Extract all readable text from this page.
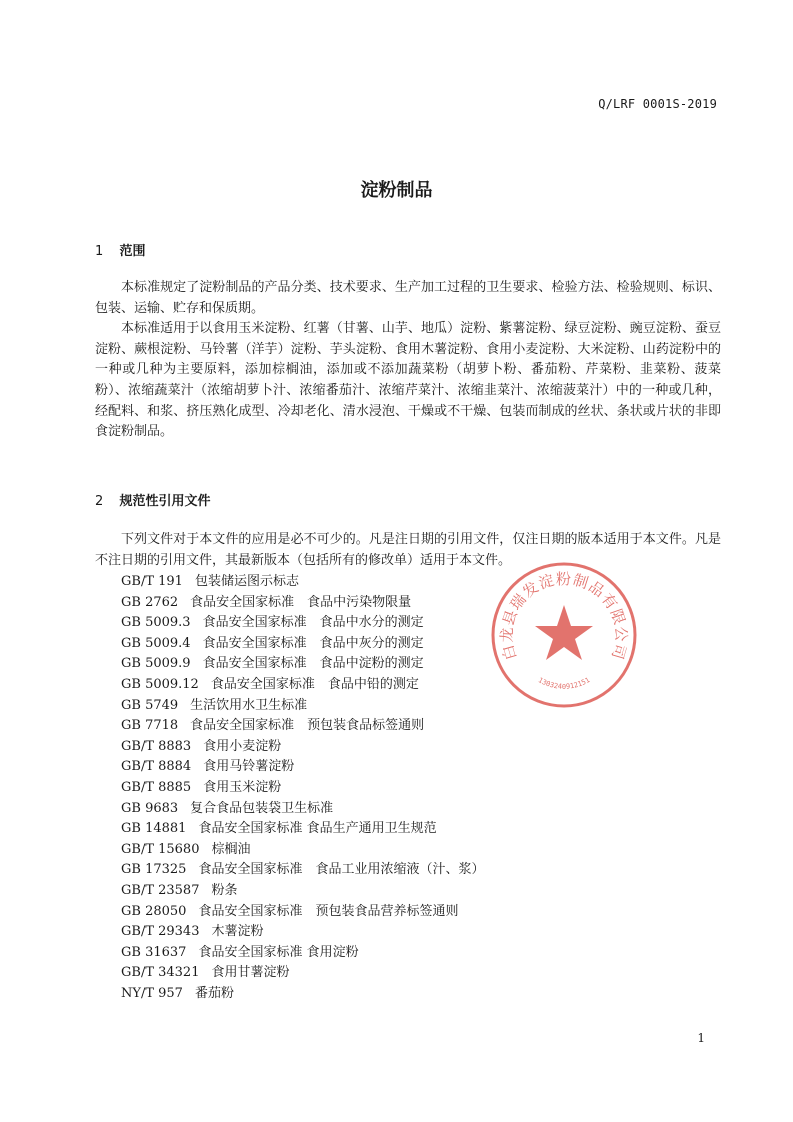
Q/LRF 0001S-2019
淀粉制品
1 范围

本标准规定了淀粉制品的产品分类、技术要求、生产加工过程的卫生要求、检验方法、检验规则、标识、包装、运输、贮存和保质期。

本标准适用于以食用玉米淀粉、红薯（甘薯、山芋、地瓜）淀粉、紫薯淀粉、绿豆淀粉、豌豆淀粉、蚕豆淀粉、蕨根淀粉、马铃薯（洋芋）淀粉、芋头淀粉、食用木薯淀粉、食用小麦淀粉、大米淀粉、山药淀粉中的一种或几种为主要原料，添加棕榈油，添加或不添加蔬菜粉（胡萝卜粉、番茄粉、芹菜粉、韭菜粉、菠菜粉）、浓缩蔬菜汁（浓缩胡萝卜汁、浓缩番茄汁、浓缩芹菜汁、浓缩韭菜汁、浓缩菠菜汁）中的一种或几种，经配料、和浆、挤压熟化成型、冷却老化、清水浸泡、干燥或不干燥、包装而制成的丝状、条状或片状的非即食淀粉制品。

2 规范性引用文件

下列文件对于本文件的应用是必不可少的。凡是注日期的引用文件，仅注日期的版本适用于本文件。凡是不注日期的引用文件，其最新版本（包括所有的修改单）适用于本文件。

GB/T 191 包装储运图示标志
GB 2762 食品安全国家标准　食品中污染物限量
GB 5009.3 食品安全国家标准　食品中水分的测定
GB 5009.4 食品安全国家标准　食品中灰分的测定
GB 5009.9 食品安全国家标准　食品中淀粉的测定
GB 5009.12 食品安全国家标准　食品中铅的测定
GB 5749 生活饮用水卫生标准
GB 7718 食品安全国家标准　预包装食品标签通则
GB/T 8883 食用小麦淀粉
GB/T 8884 食用马铃薯淀粉
GB/T 8885 食用玉米淀粉
GB 9683 复合食品包装袋卫生标准
GB 14881 食品安全国家标准 食品生产通用卫生规范
GB/T 15680 棕榈油
GB 17325 食品安全国家标准　食品工业用浓缩液（汁、浆）
GB/T 23587 粉条
GB 28050 食品安全国家标准　预包装食品营养标签通则
GB/T 29343 木薯淀粉
GB 31637 食品安全国家标准 食用淀粉
GB/T 34321 食用甘薯淀粉
NY/T 957 番茄粉
白龙县瑞发淀粉制品有限公司
1303240912151
1
